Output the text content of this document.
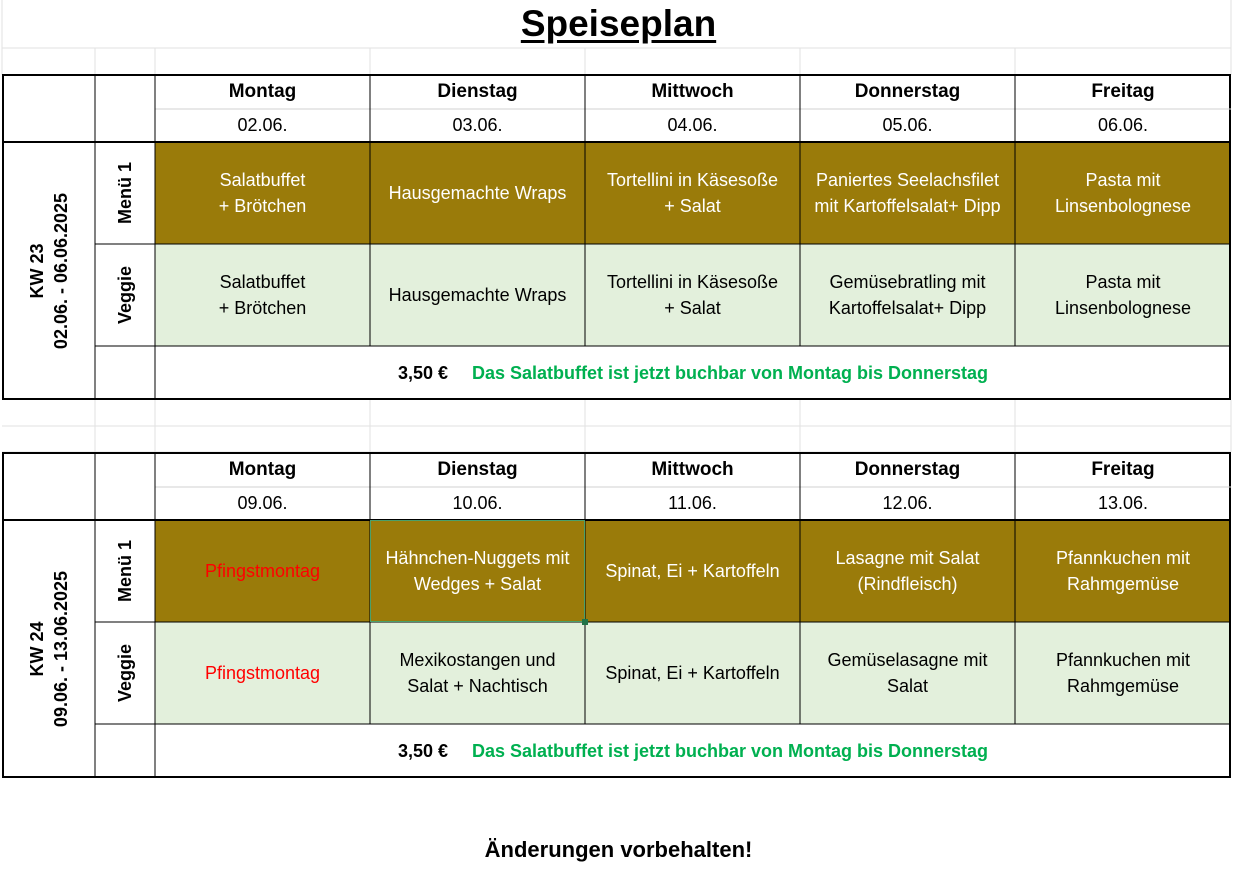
Speiseplan
Montag
02.06.
Salatbuffet
+ Brötchen
Salatbuffet
+ Brötchen
Dienstag
03.06.
Hausgemachte Wraps
Hausgemachte Wraps
Mittwoch
04.06.
Tortellini in Käsesoße
+ Salat
Tortellini in Käsesoße
+ Salat
Donnerstag
05.06.
Paniertes Seelachsfilet
mit Kartoffelsalat+ Dipp
Gemüsebratling mit
Kartoffelsalat+ Dipp
Freitag
06.06.
Pasta mit
Linsenbolognese
Pasta mit
Linsenbolognese
KW 23 02.06. - 06.06.2025 Menü 1
Veggie
3,50 € Das Salatbuffet ist jetzt buchbar von Montag bis Donnerstag
Montag
09.06.
Pfingstmontag
Pfingstmontag
Dienstag
10.06.
Hähnchen-Nuggets mit
Wedges + Salat
Mexikostangen und
Salat + Nachtisch
Mittwoch
11.06.
Spinat, Ei + Kartoffeln
Spinat, Ei + Kartoffeln
Donnerstag
12.06.
Lasagne mit Salat
(Rindfleisch)
Gemüselasagne mit
Salat
Freitag
13.06.
Pfannkuchen mit
Rahmgemüse
Pfannkuchen mit
Rahmgemüse
KW 24 09.06. - 13.06.2025 Menü 1
Veggie
3,50 € Das Salatbuffet ist jetzt buchbar von Montag bis Donnerstag
Änderungen vorbehalten!
